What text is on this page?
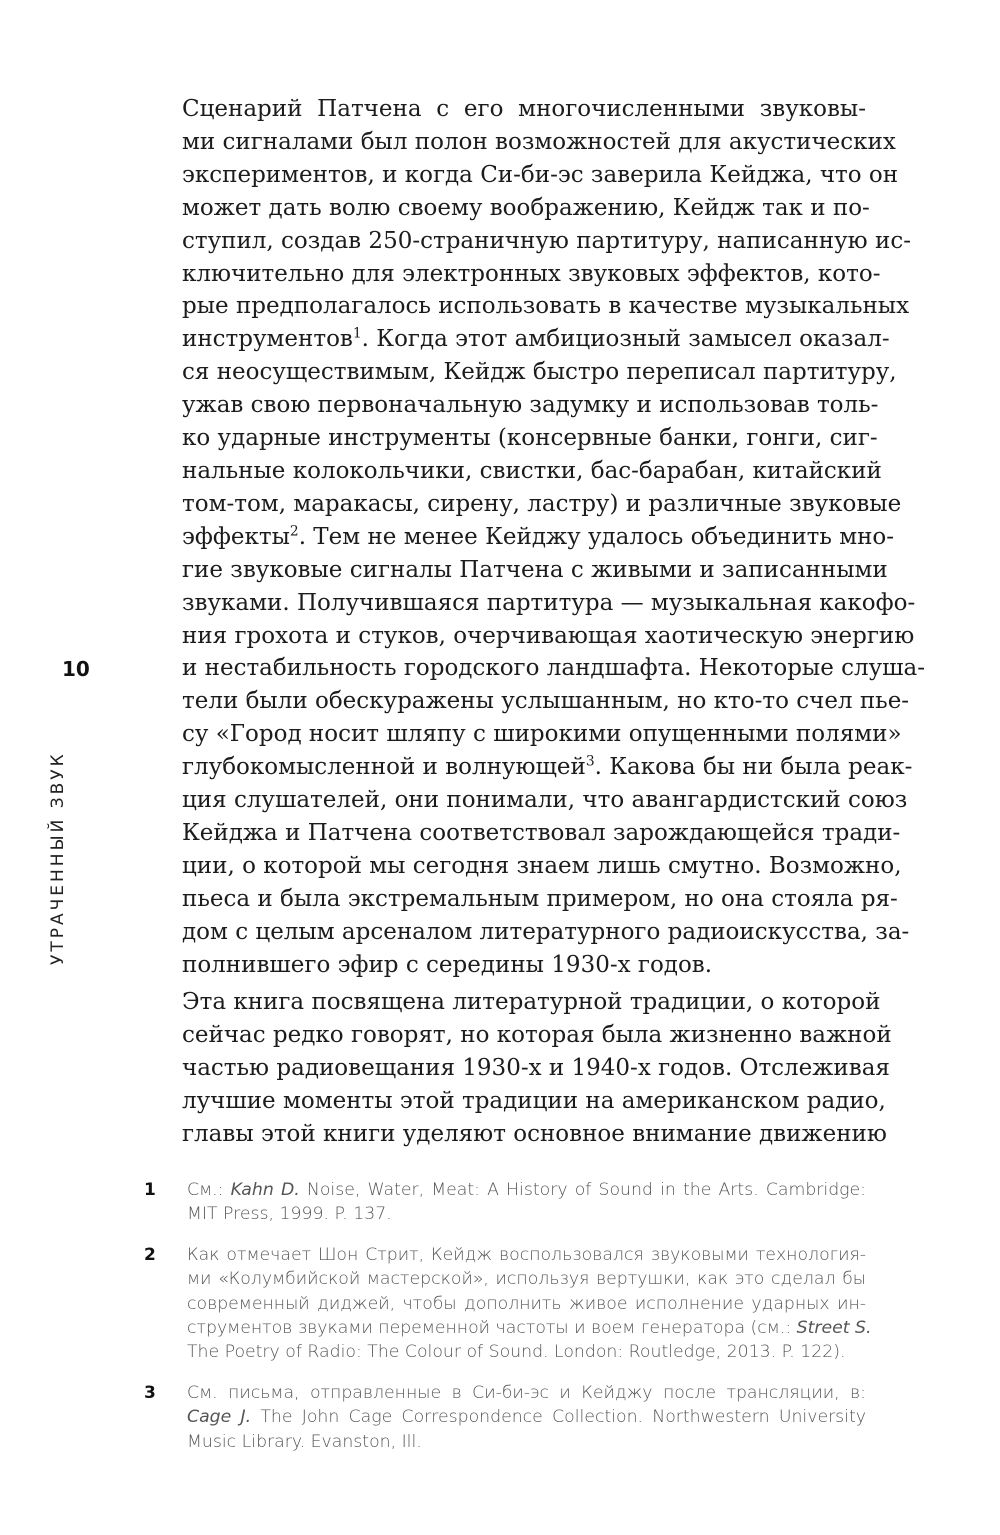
10
УТРАЧЕННЫЙ ЗВУК

Сценарий Патчена с его многочисленными звуковы-
ми сигналами был полон возможностей для акустических
экспериментов, и когда Си-би-эс заверила Кейджа, что он
может дать волю своему воображению, Кейдж так и по-
ступил, создав 250-страничную партитуру, написанную ис-
ключительно для электронных звуковых эффектов, кото-
рые предполагалось использовать в качестве музыкальных
инструментов$^1$. Когда этот амбициозный замысел оказал-
ся неосуществимым, Кейдж быстро переписал партитуру,
ужав свою первоначальную задумку и использовав толь-
ко ударные инструменты (консервные банки, гонги, сиг-
нальные колокольчики, свистки, бас-барабан, китайский
том-том, маракасы, сирену, ластру) и различные звуковые
эффекты$^2$. Тем не менее Кейджу удалось объединить мно-
гие звуковые сигналы Патчена с живыми и записанными
звуками. Получившаяся партитура — музыкальная какофо-
ния грохота и стуков, очерчивающая хаотическую энергию
и нестабильность городского ландшафта. Некоторые слуша-
тели были обескуражены услышанным, но кто-то счел пье-
су «Город носит шляпу с широкими опущенными полями»
глубокомысленной и волнующей$^3$. Какова бы ни была реак-
ция слушателей, они понимали, что авангардистский союз
Кейджа и Патчена соответствовал зарождающейся тради-
ции, о которой мы сегодня знаем лишь смутно. Возможно,
пьеса и была экстремальным примером, но она стояла ря-
дом с целым арсеналом литературного радиоискусства, за-
полнившего эфир с середины 1930-х годов.

Эта книга посвящена литературной традиции, о которой
сейчас редко говорят, но которая была жизненно важной
частью радиовещания 1930-х и 1940-х годов. Отслеживая
лучшие моменты этой традиции на американском радио,
главы этой книги уделяют основное внимание движению

1 См.: Kahn D. Noise, Water, Meat: A History of Sound in the Arts. Cambridge:
MIT Press, 1999. P. 137.
2 Как отмечает Шон Стрит, Кейдж воспользовался звуковыми технология-
ми «Колумбийской мастерской», используя вертушки, как это сделал бы
современный диджей, чтобы дополнить живое исполнение ударных ин-
струментов звуками переменной частоты и воем генератора (см.: Street S.
The Poetry of Radio: The Colour of Sound. London: Routledge, 2013. P. 122).
3 См. письма, отправленные в Си-би-эс и Кейджу после трансляции, в:
Cage J. The John Cage Correspondence Collection. Northwestern University
Music Library. Evanston, Ill.
